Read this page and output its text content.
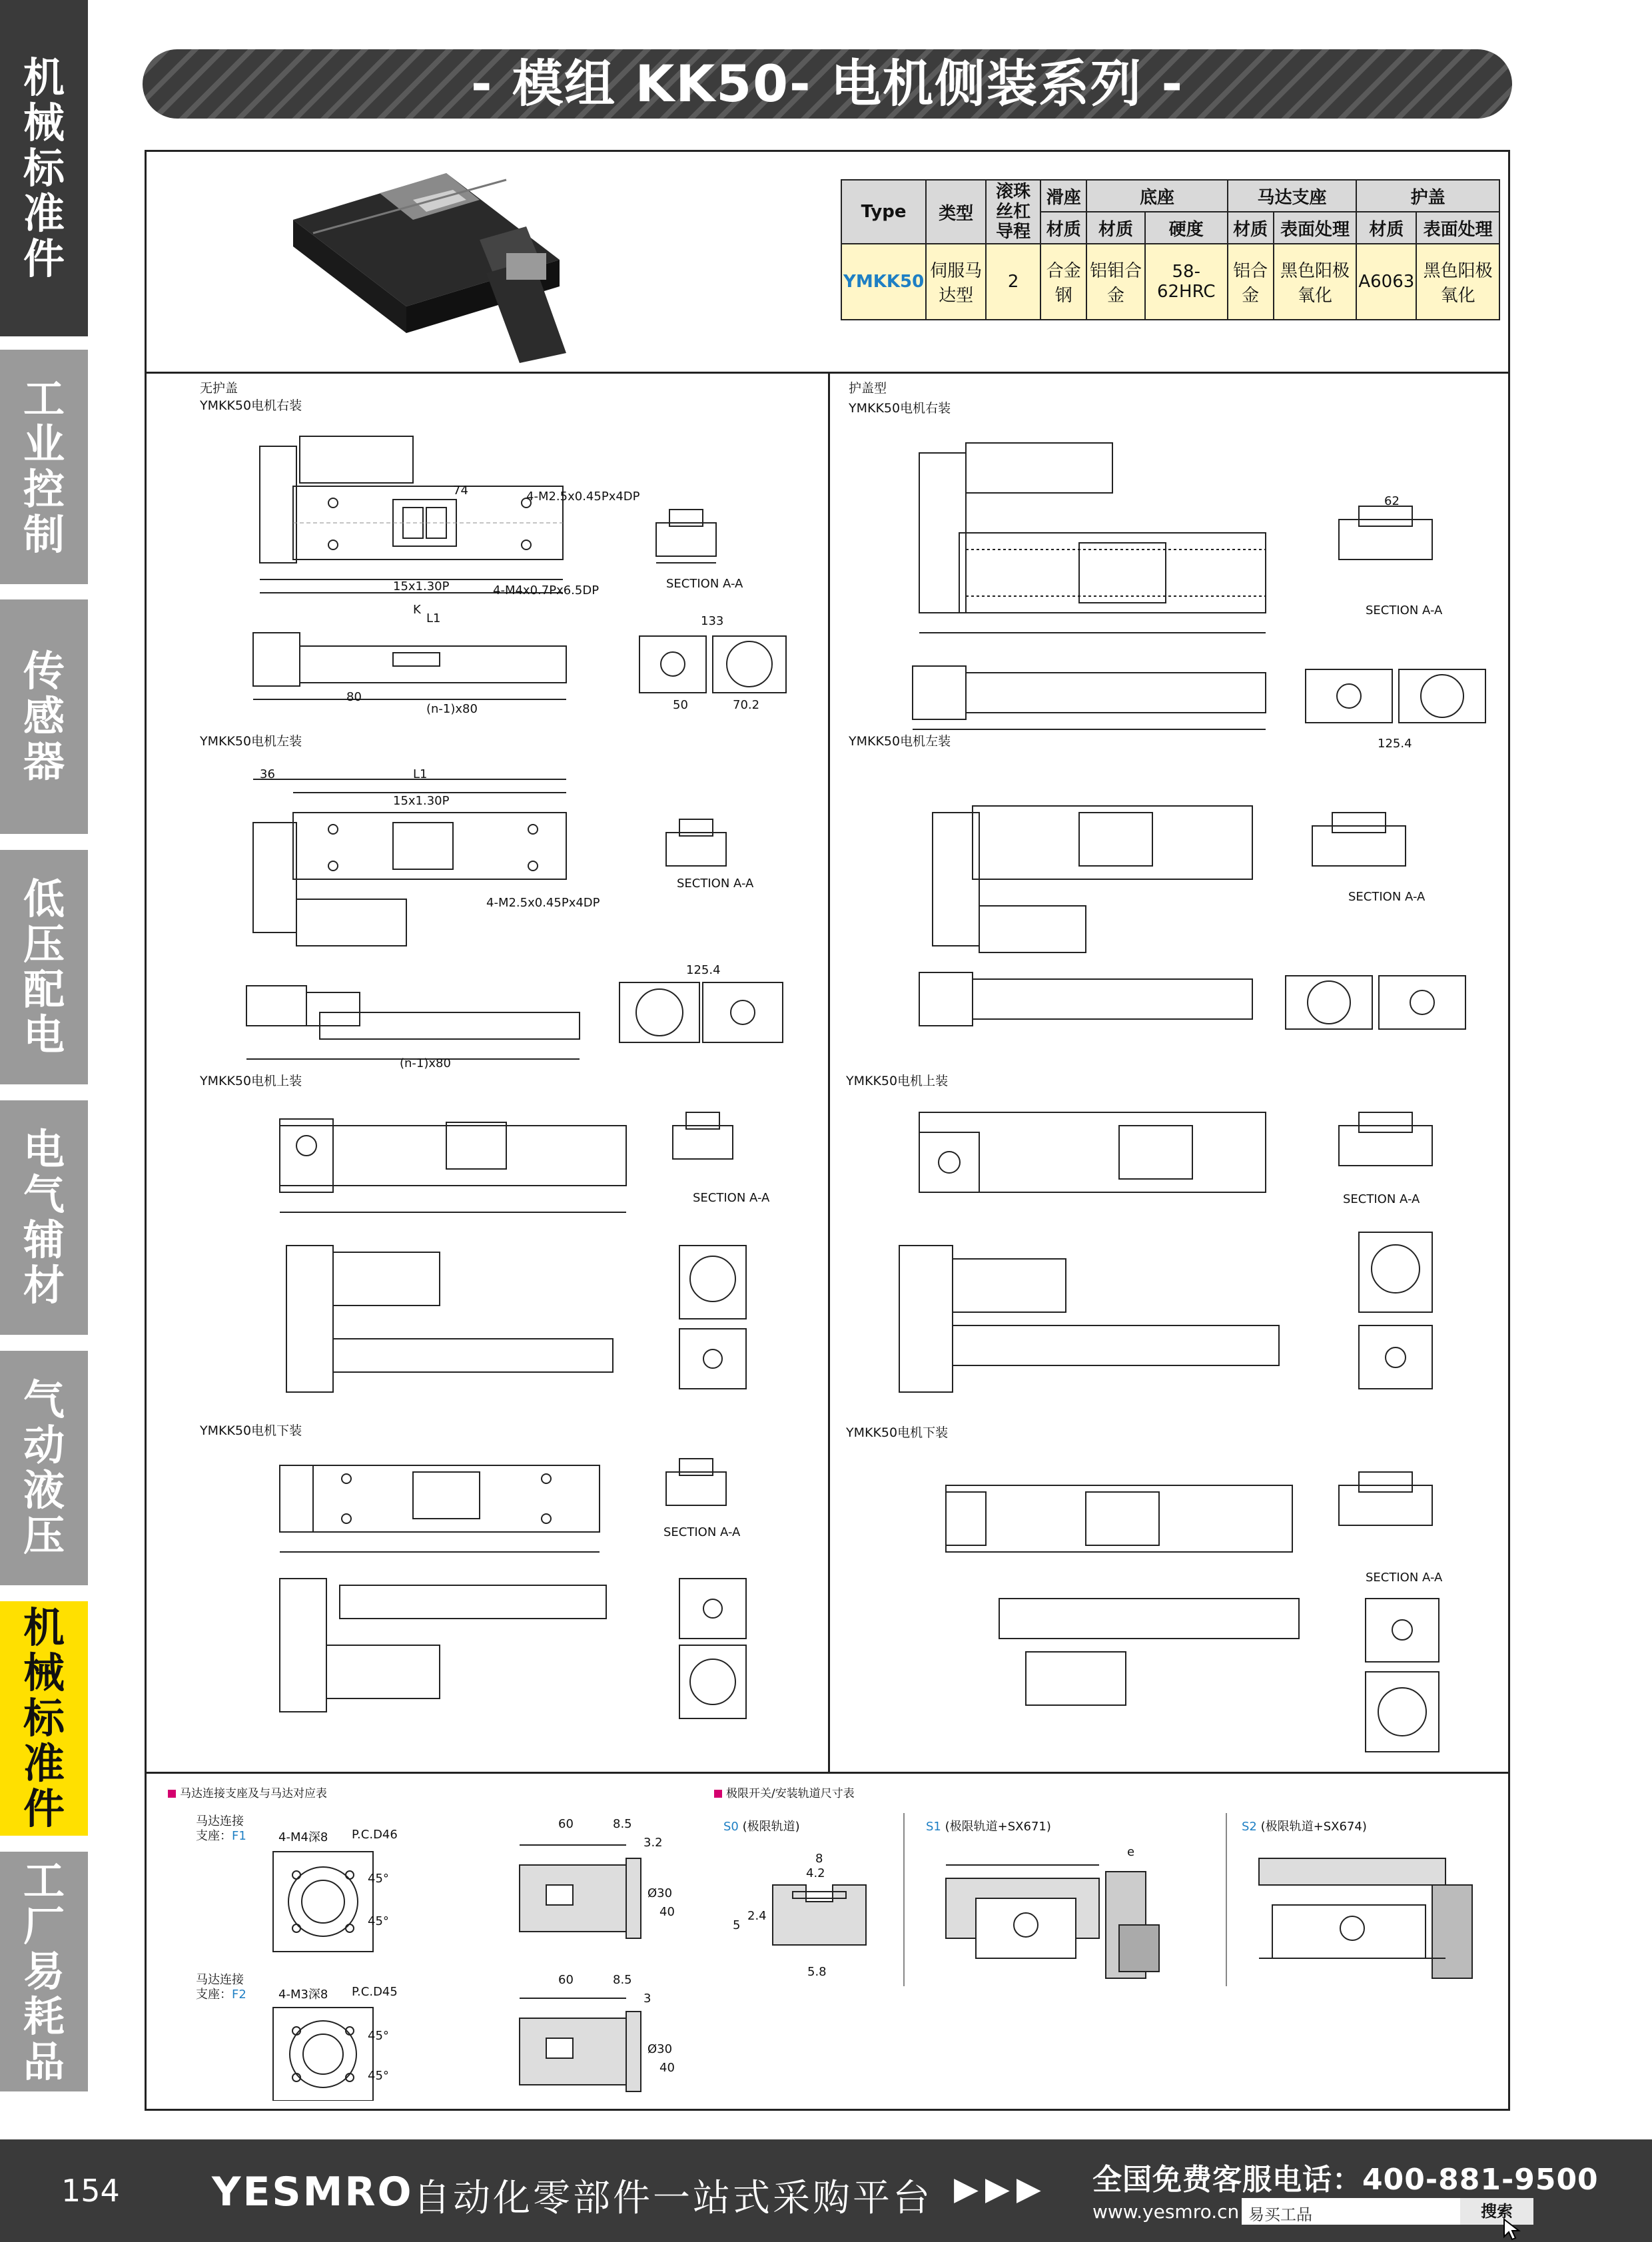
机械标准件
工业控制
传感器
低压配电
电气辅材
气动液压
机械标准件
工厂易耗品
- 模组 KK50- 电机侧装系列 -
Type	类型	滚珠丝杠导程	滑座	底座		马达支座		护盖	
			材质	材质	硬度	材质	表面处理	材质	表面处理
YMKK50	伺服马达型	2	合金钢	铝钼合金	58-62HRC	铝合金	黑色阳极氧化	A6063	黑色阳极氧化
无护盖
YMKK50电机右装
YMKK50电机左装
YMKK50电机上装
YMKK50电机下装
护盖型
YMKK50电机右装
YMKK50电机左装
YMKK50电机上装
YMKK50电机下装
74
4-M4x0.7Px6.5DP
15x1.30P
K
L1
4-M2.5x0.45Px4DP
SECTION A-A
80
(n-1)x80
133
50	70.2
L1
36
15x1.30P
4-M2.5x0.45Px4DP
SECTION A-A
125.4
(n-1)x80
SECTION A-A
SECTION A-A
SECTION A-A
62
125.4
SECTION A-A
SECTION A-A
SECTION A-A
马达连接支座及与马达对应表
马达连接
支座：F1	4-M4深8 P.C.D46
45°
45°
60	8.5
3.2
Ø30
40
马达连接
支座：F2	4-M3深8 P.C.D45
45°
45°
60	8.5
3
Ø30
40
极限开关/安装轨道尺寸表
S0 (极限轨道)	S1 (极限轨道+SX671)	S2 (极限轨道+SX674)
8
4.2
5.8
5
2.4
e
154 YESMRO 自动化零部件一站式采购平台 ▶▶▶ 全国免费客服电话：400-881-9500
www.yesmro.cn 易买工品	搜索
